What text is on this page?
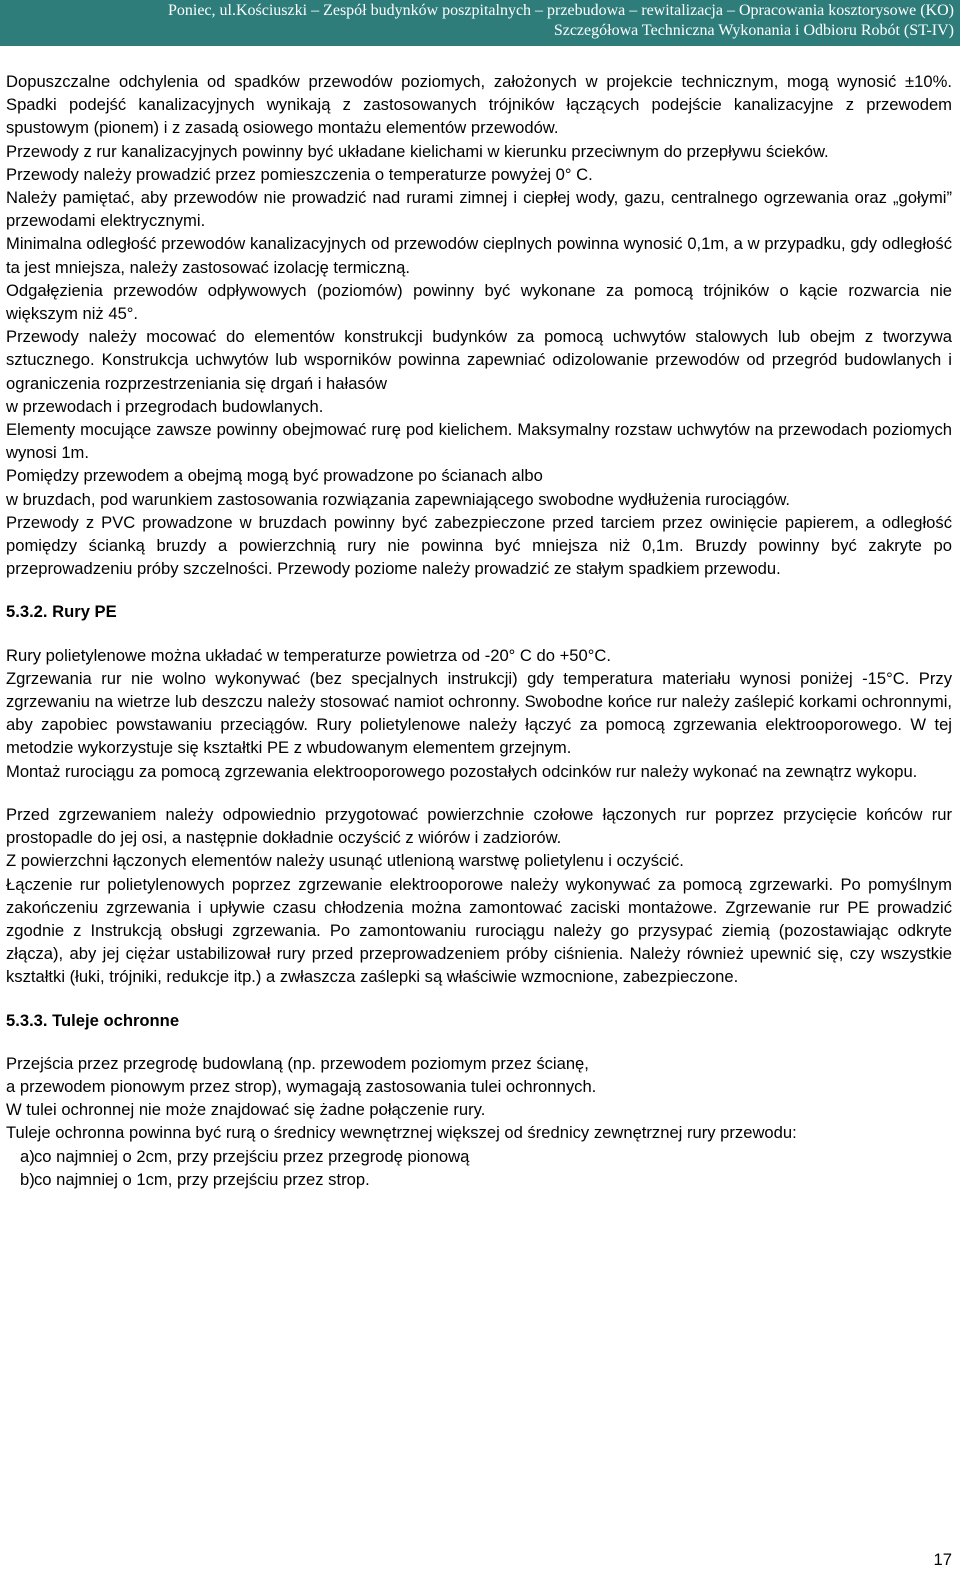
Poniec, ul.Kościuszki – Zespół budynków poszpitalnych – przebudowa – rewitalizacja – Opracowania kosztorysowe (KO)
Szczegółowa Techniczna Wykonania i Odbioru Robót (ST-IV)

Dopuszczalne odchylenia od spadków przewodów poziomych, założonych w projekcie technicznym, mogą wynosić ±10%. Spadki podejść kanalizacyjnych wynikają z zastosowanych trójników łączących podejście kanalizacyjne z przewodem spustowym (pionem) i z zasadą osiowego montażu elementów przewodów.

Przewody z rur kanalizacyjnych powinny być układane kielichami w kierunku przeciwnym do przepływu ścieków.

Przewody należy prowadzić przez pomieszczenia o temperaturze powyżej 0° C.

Należy pamiętać, aby przewodów nie prowadzić nad rurami zimnej i ciepłej wody, gazu, centralnego ogrzewania oraz „gołymi” przewodami elektrycznymi.

Minimalna odległość przewodów kanalizacyjnych od przewodów cieplnych powinna wynosić 0,1m, a w przypadku, gdy odległość ta jest mniejsza, należy zastosować izolację termiczną.

Odgałęzienia przewodów odpływowych (poziomów) powinny być wykonane za pomocą trójników o kącie rozwarcia nie większym niż 45°.

Przewody należy mocować do elementów konstrukcji budynków za pomocą uchwytów stalowych lub obejm z tworzywa sztucznego. Konstrukcja uchwytów lub wsporników powinna zapewniać odizolowanie przewodów od przegród budowlanych i ograniczenia rozprzestrzeniania się drgań i hałasów

w przewodach i przegrodach budowlanych.

Elementy mocujące zawsze powinny obejmować rurę pod kielichem. Maksymalny rozstaw uchwytów na przewodach poziomych wynosi 1m.

Pomiędzy przewodem a obejmą mogą być prowadzone po ścianach albo

w bruzdach, pod warunkiem zastosowania rozwiązania zapewniającego swobodne wydłużenia rurociągów.

Przewody z PVC prowadzone w bruzdach powinny być zabezpieczone przed tarciem przez owinięcie papierem, a odległość pomiędzy ścianką bruzdy a powierzchnią rury nie powinna być mniejsza niż 0,1m. Bruzdy powinny być zakryte po przeprowadzeniu próby szczelności. Przewody poziome należy prowadzić ze stałym spadkiem przewodu.

5.3.2. Rury PE

Rury polietylenowe można układać w temperaturze powietrza od -20° C do +50°C.

Zgrzewania rur nie wolno wykonywać (bez specjalnych instrukcji) gdy temperatura materiału wynosi poniżej -15°C. Przy zgrzewaniu na wietrze lub deszczu należy stosować namiot ochronny. Swobodne końce rur należy zaślepić korkami ochronnymi, aby zapobiec powstawaniu przeciągów. Rury polietylenowe należy łączyć za pomocą zgrzewania elektrooporowego. W tej metodzie wykorzystuje się kształtki PE z wbudowanym elementem grzejnym.

Montaż rurociągu za pomocą zgrzewania elektrooporowego pozostałych odcinków rur należy wykonać na zewnątrz wykopu.

Przed zgrzewaniem należy odpowiednio przygotować powierzchnie czołowe łączonych rur poprzez przycięcie końców rur prostopadle do jej osi, a następnie dokładnie oczyścić z wiórów i zadziorów.

Z powierzchni łączonych elementów należy usunąć utlenioną warstwę polietylenu i oczyścić.

Łączenie rur polietylenowych poprzez zgrzewanie elektrooporowe należy wykonywać za pomocą zgrzewarki. Po pomyślnym zakończeniu zgrzewania i upływie czasu chłodzenia można zamontować zaciski montażowe. Zgrzewanie rur PE prowadzić zgodnie z Instrukcją obsługi zgrzewania. Po zamontowaniu rurociągu należy go przysypać ziemią (pozostawiając odkryte złącza), aby jej ciężar ustabilizował rury przed przeprowadzeniem próby ciśnienia. Należy również upewnić się, czy wszystkie kształtki (łuki, trójniki, redukcje itp.) a zwłaszcza zaślepki są właściwie wzmocnione, zabezpieczone.

5.3.3. Tuleje ochronne

Przejścia przez przegrodę budowlaną (np. przewodem poziomym przez ścianę,

a przewodem pionowym przez strop), wymagają zastosowania tulei ochronnych.

W tulei ochronnej nie może znajdować się żadne połączenie rury.

Tuleje ochronna powinna być rurą o średnicy wewnętrznej większej od średnicy zewnętrznej rury przewodu:

a) co najmniej o 2cm, przy przejściu przez przegrodę pionową
b) co najmniej o 1cm, przy przejściu przez strop.
17
